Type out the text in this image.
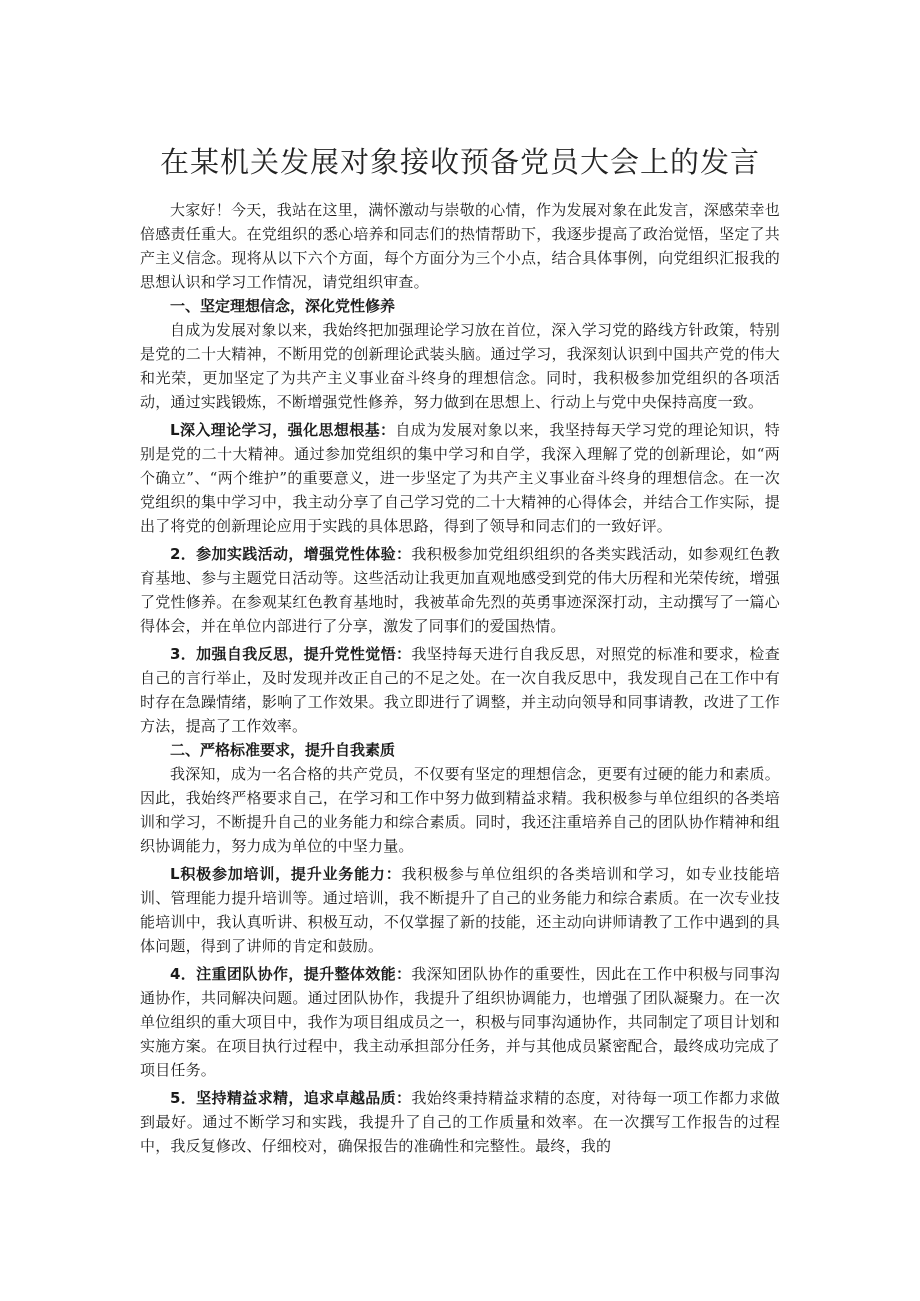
在某机关发展对象接收预备党员大会上的发言

大家好！今天，我站在这里，满怀激动与崇敬的心情，作为发展对象在此发言，深感荣幸也倍感责任重大。在党组织的悉心培养和同志们的热情帮助下，我逐步提高了政治觉悟，坚定了共产主义信念。现将从以下六个方面，每个方面分为三个小点，结合具体事例，向党组织汇报我的思想认识和学习工作情况，请党组织审查。

一、坚定理想信念，深化党性修养

自成为发展对象以来，我始终把加强理论学习放在首位，深入学习党的路线方针政策，特别是党的二十大精神，不断用党的创新理论武装头脑。通过学习，我深刻认识到中国共产党的伟大和光荣，更加坚定了为共产主义事业奋斗终身的理想信念。同时，我积极参加党组织的各项活动，通过实践锻炼，不断增强党性修养，努力做到在思想上、行动上与党中央保持高度一致。

L深入理论学习，强化思想根基：自成为发展对象以来，我坚持每天学习党的理论知识，特别是党的二十大精神。通过参加党组织的集中学习和自学，我深入理解了党的创新理论，如“两个确立”、“两个维护”的重要意义，进一步坚定了为共产主义事业奋斗终身的理想信念。在一次党组织的集中学习中，我主动分享了自己学习党的二十大精神的心得体会，并结合工作实际，提出了将党的创新理论应用于实践的具体思路，得到了领导和同志们的一致好评。

2．参加实践活动，增强党性体验：我积极参加党组织组织的各类实践活动，如参观红色教育基地、参与主题党日活动等。这些活动让我更加直观地感受到党的伟大历程和光荣传统，增强了党性修养。在参观某红色教育基地时，我被革命先烈的英勇事迹深深打动，主动撰写了一篇心得体会，并在单位内部进行了分享，激发了同事们的爱国热情。

3．加强自我反思，提升党性觉悟：我坚持每天进行自我反思，对照党的标准和要求，检查自己的言行举止，及时发现并改正自己的不足之处。在一次自我反思中，我发现自己在工作中有时存在急躁情绪，影响了工作效果。我立即进行了调整，并主动向领导和同事请教，改进了工作方法，提高了工作效率。

二、严格标准要求，提升自我素质

我深知，成为一名合格的共产党员，不仅要有坚定的理想信念，更要有过硬的能力和素质。因此，我始终严格要求自己，在学习和工作中努力做到精益求精。我积极参与单位组织的各类培训和学习，不断提升自己的业务能力和综合素质。同时，我还注重培养自己的团队协作精神和组织协调能力，努力成为单位的中坚力量。

L积极参加培训，提升业务能力：我积极参与单位组织的各类培训和学习，如专业技能培训、管理能力提升培训等。通过培训，我不断提升了自己的业务能力和综合素质。在一次专业技能培训中，我认真听讲、积极互动，不仅掌握了新的技能，还主动向讲师请教了工作中遇到的具体问题，得到了讲师的肯定和鼓励。

4．注重团队协作，提升整体效能：我深知团队协作的重要性，因此在工作中积极与同事沟通协作，共同解决问题。通过团队协作，我提升了组织协调能力，也增强了团队凝聚力。在一次单位组织的重大项目中，我作为项目组成员之一，积极与同事沟通协作，共同制定了项目计划和实施方案。在项目执行过程中，我主动承担部分任务，并与其他成员紧密配合，最终成功完成了项目任务。

5．坚持精益求精，追求卓越品质：我始终秉持精益求精的态度，对待每一项工作都力求做到最好。通过不断学习和实践，我提升了自己的工作质量和效率。在一次撰写工作报告的过程中，我反复修改、仔细校对，确保报告的准确性和完整性。最终，我的
